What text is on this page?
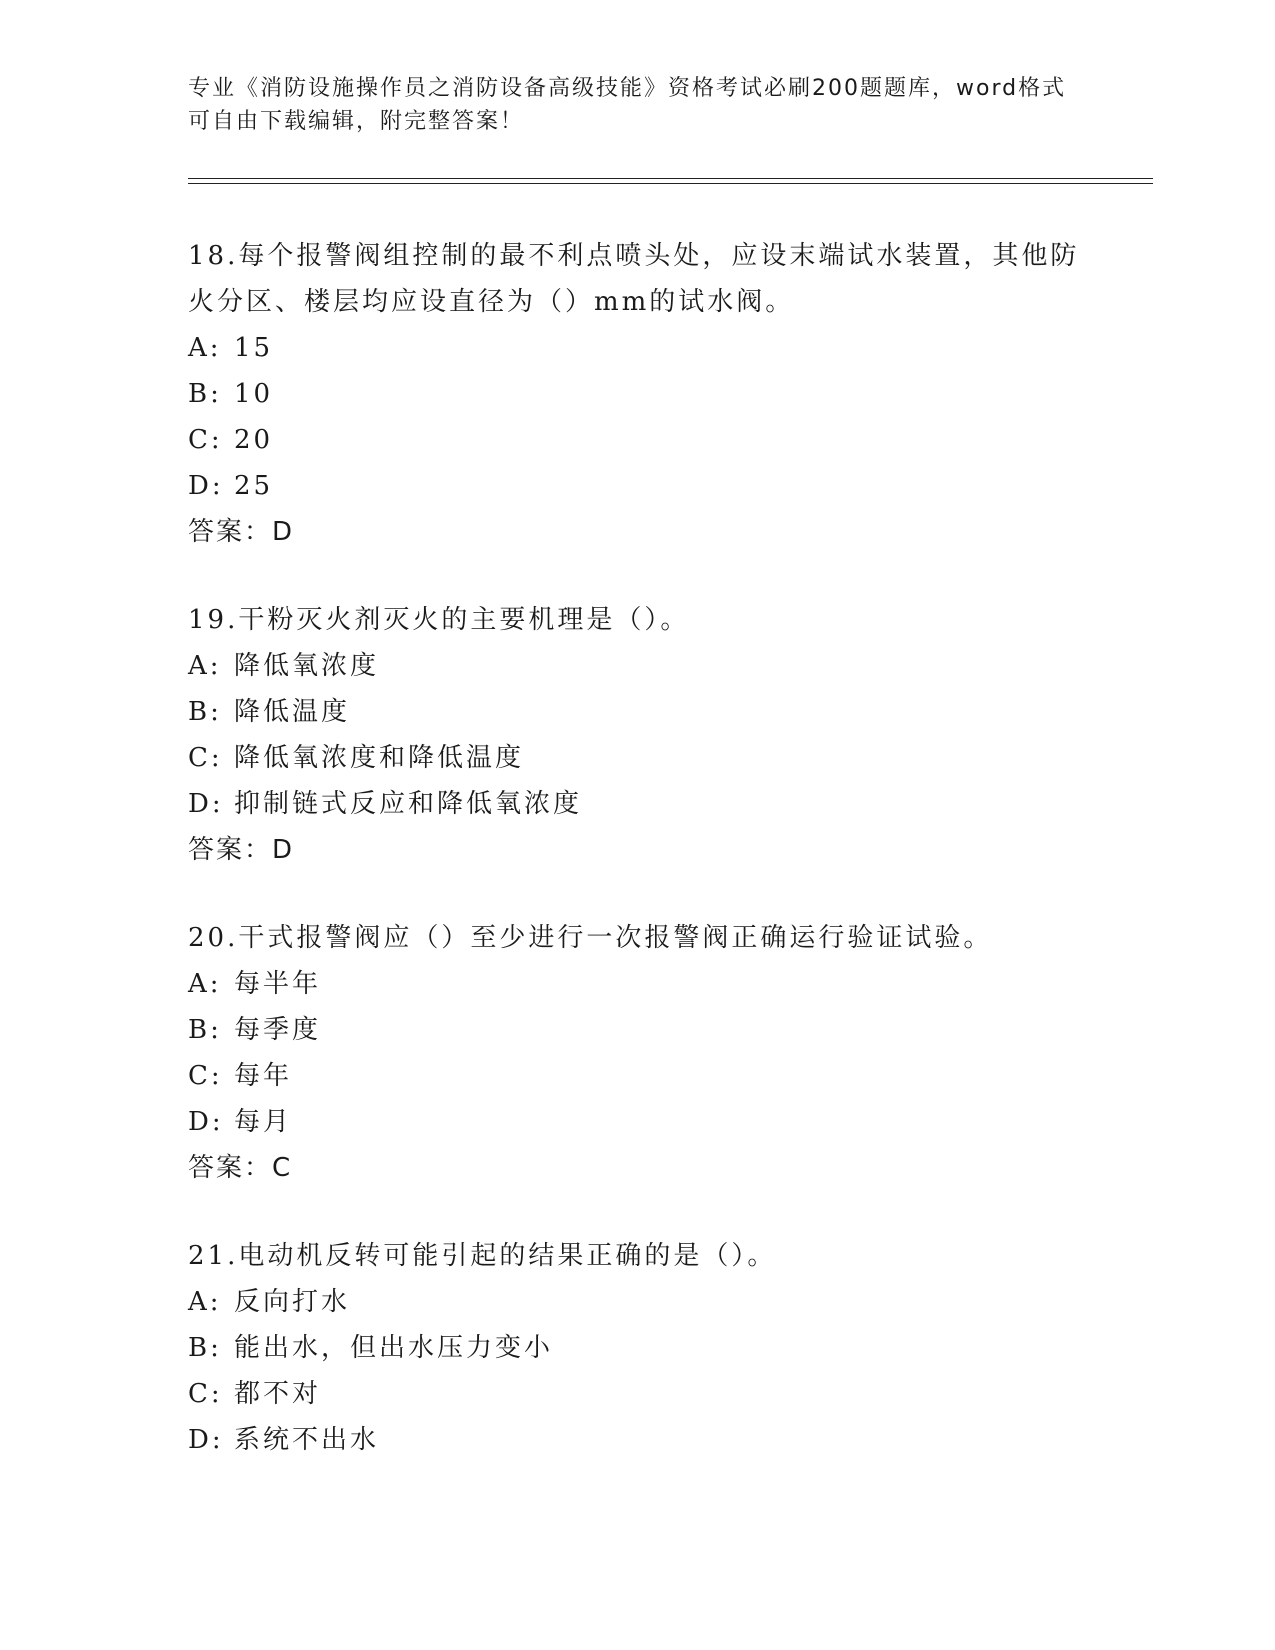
专业《消防设施操作员之消防设备高级技能》资格考试必刷200题题库，word格式可自由下载编辑，附完整答案！

18.每个报警阀组控制的最不利点喷头处，应设末端试水装置，其他防火分区、楼层均应设直径为（）mm的试水阀。

A: 15

B: 10

C: 20

D: 25

答案：D

19.干粉灭火剂灭火的主要机理是（）。

A: 降低氧浓度

B: 降低温度

C: 降低氧浓度和降低温度

D: 抑制链式反应和降低氧浓度

答案：D

20.干式报警阀应（）至少进行一次报警阀正确运行验证试验。

A: 每半年

B: 每季度

C: 每年

D: 每月

答案：C

21.电动机反转可能引起的结果正确的是（）。

A: 反向打水

B: 能出水，但出水压力变小

C: 都不对

D: 系统不出水
